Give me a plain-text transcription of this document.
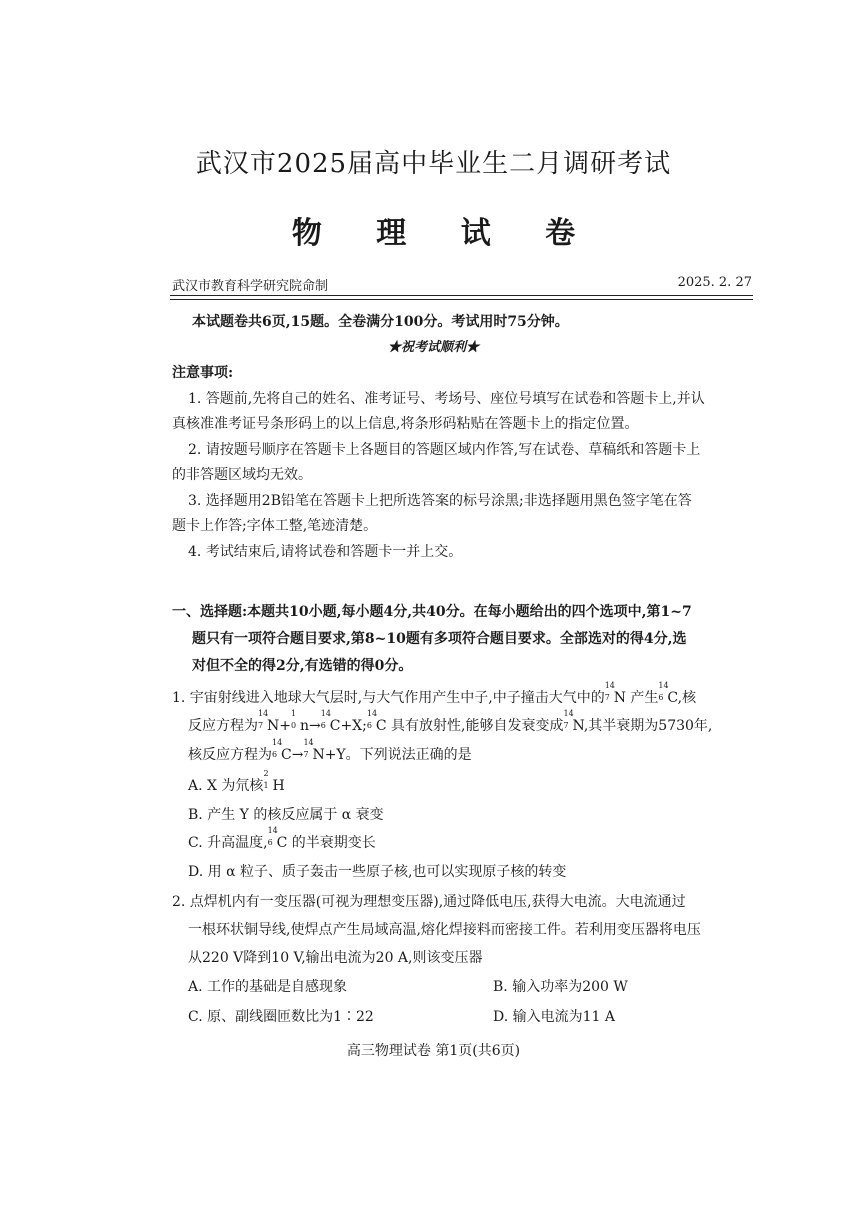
武汉市2025届高中毕业生二月调研考试
物 理 试 卷
武汉市教育科学研究院命制	2025. 2. 27
本试题卷共6页,15题。全卷满分100分。考试用时75分钟。
★祝考试顺利★
注意事项:
1. 答题前,先将自己的姓名、准考证号、考场号、座位号填写在试卷和答题卡上,并认
真核准准考证号条形码上的以上信息,将条形码粘贴在答题卡上的指定位置。
2. 请按题号顺序在答题卡上各题目的答题区域内作答,写在试卷、草稿纸和答题卡上
的非答题区域均无效。
3. 选择题用2B铅笔在答题卡上把所选答案的标号涂黑;非选择题用黑色签字笔在答
题卡上作答;字体工整,笔迹清楚。
4. 考试结束后,请将试卷和答题卡一并上交。
一、选择题:本题共10小题,每小题4分,共40分。在每小题给出的四个选项中,第1~7
题只有一项符合题目要求,第8~10题有多项符合题目要求。全部选对的得4分,选
对但不全的得2分,有选错的得0分。
1. 宇宙射线进入地球大气层时,与大气作用产生中子,中子撞击大气中的
14
7 N 产生
14
6 C,核
反应方程为
14
7 N+
1
0 n→
14
6 C+X;
14
6 C 具有放射性,能够自发衰变成
14
7 N,其半衰期为5730年,
核反应方程为
14
6 C→
14
7 N+Y。下列说法正确的是
A. X 为氘核
2
1 H
B. 产生 Y 的核反应属于 α 衰变
C. 升高温度,
14
6 C 的半衰期变长
D. 用 α 粒子、质子轰击一些原子核,也可以实现原子核的转变
2. 点焊机内有一变压器(可视为理想变压器),通过降低电压,获得大电流。大电流通过
一根环状铜导线,使焊点产生局域高温,熔化焊接料而密接工件。若利用变压器将电压
从220 V降到10 V,输出电流为20 A,则该变压器
A. 工作的基础是自感现象	B. 输入功率为200 W
C. 原、副线圈匝数比为1∶22	D. 输入电流为11 A
高三物理试卷 第1页(共6页)
